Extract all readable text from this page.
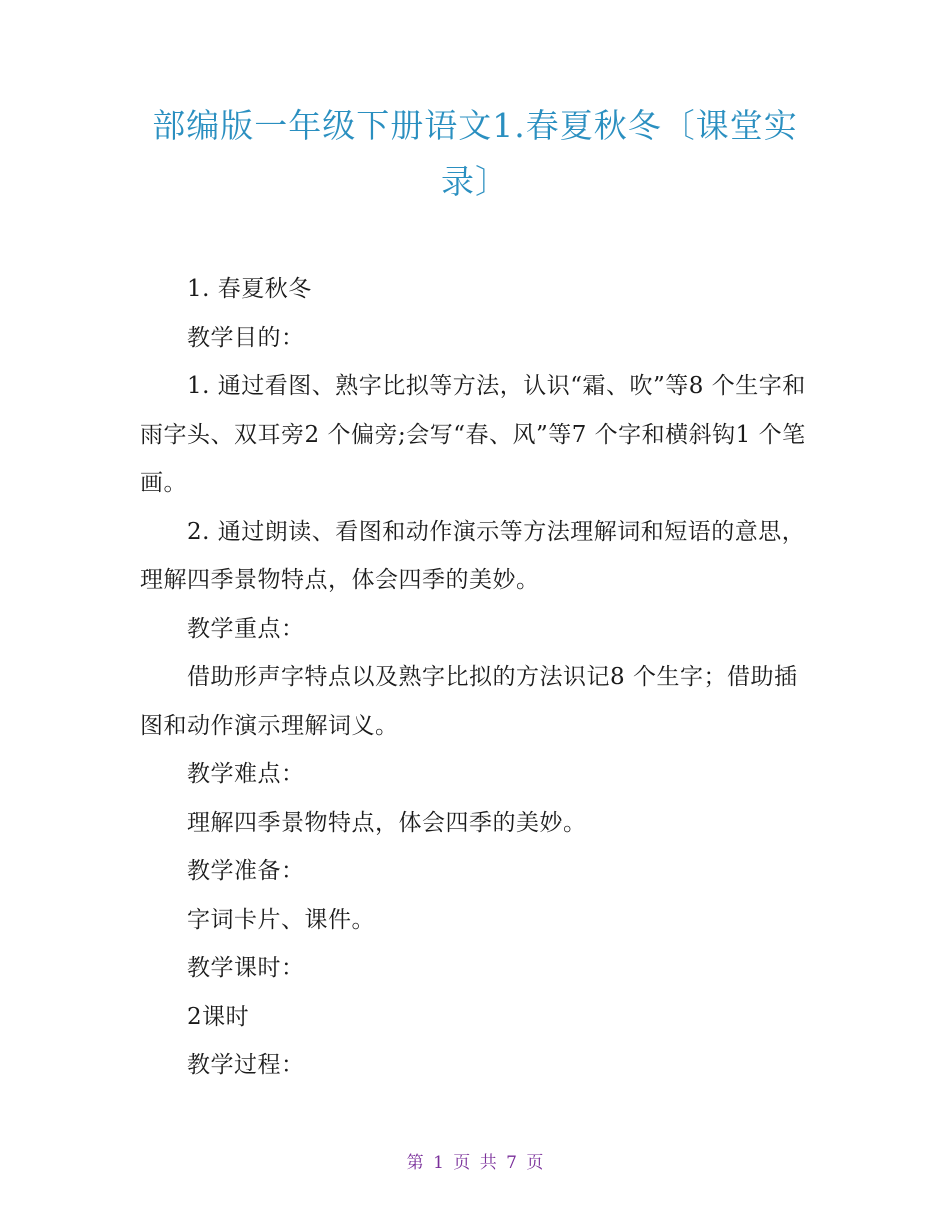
部编版一年级下册语文1.春夏秋冬〔课堂实录〕

1. 春夏秋冬

教学目的：

1. 通过看图、熟字比拟等方法，认识“霜、吹”等8 个生字和雨字头、双耳旁2 个偏旁;会写“春、风”等7 个字和横斜钩1 个笔画。

2. 通过朗读、看图和动作演示等方法理解词和短语的意思，理解四季景物特点，体会四季的美妙。

教学重点：

借助形声字特点以及熟字比拟的方法识记8 个生字；借助插图和动作演示理解词义。

教学难点：

理解四季景物特点，体会四季的美妙。

教学准备：

字词卡片、课件。

教学课时：

2课时

教学过程：

第 1 页 共 7 页
